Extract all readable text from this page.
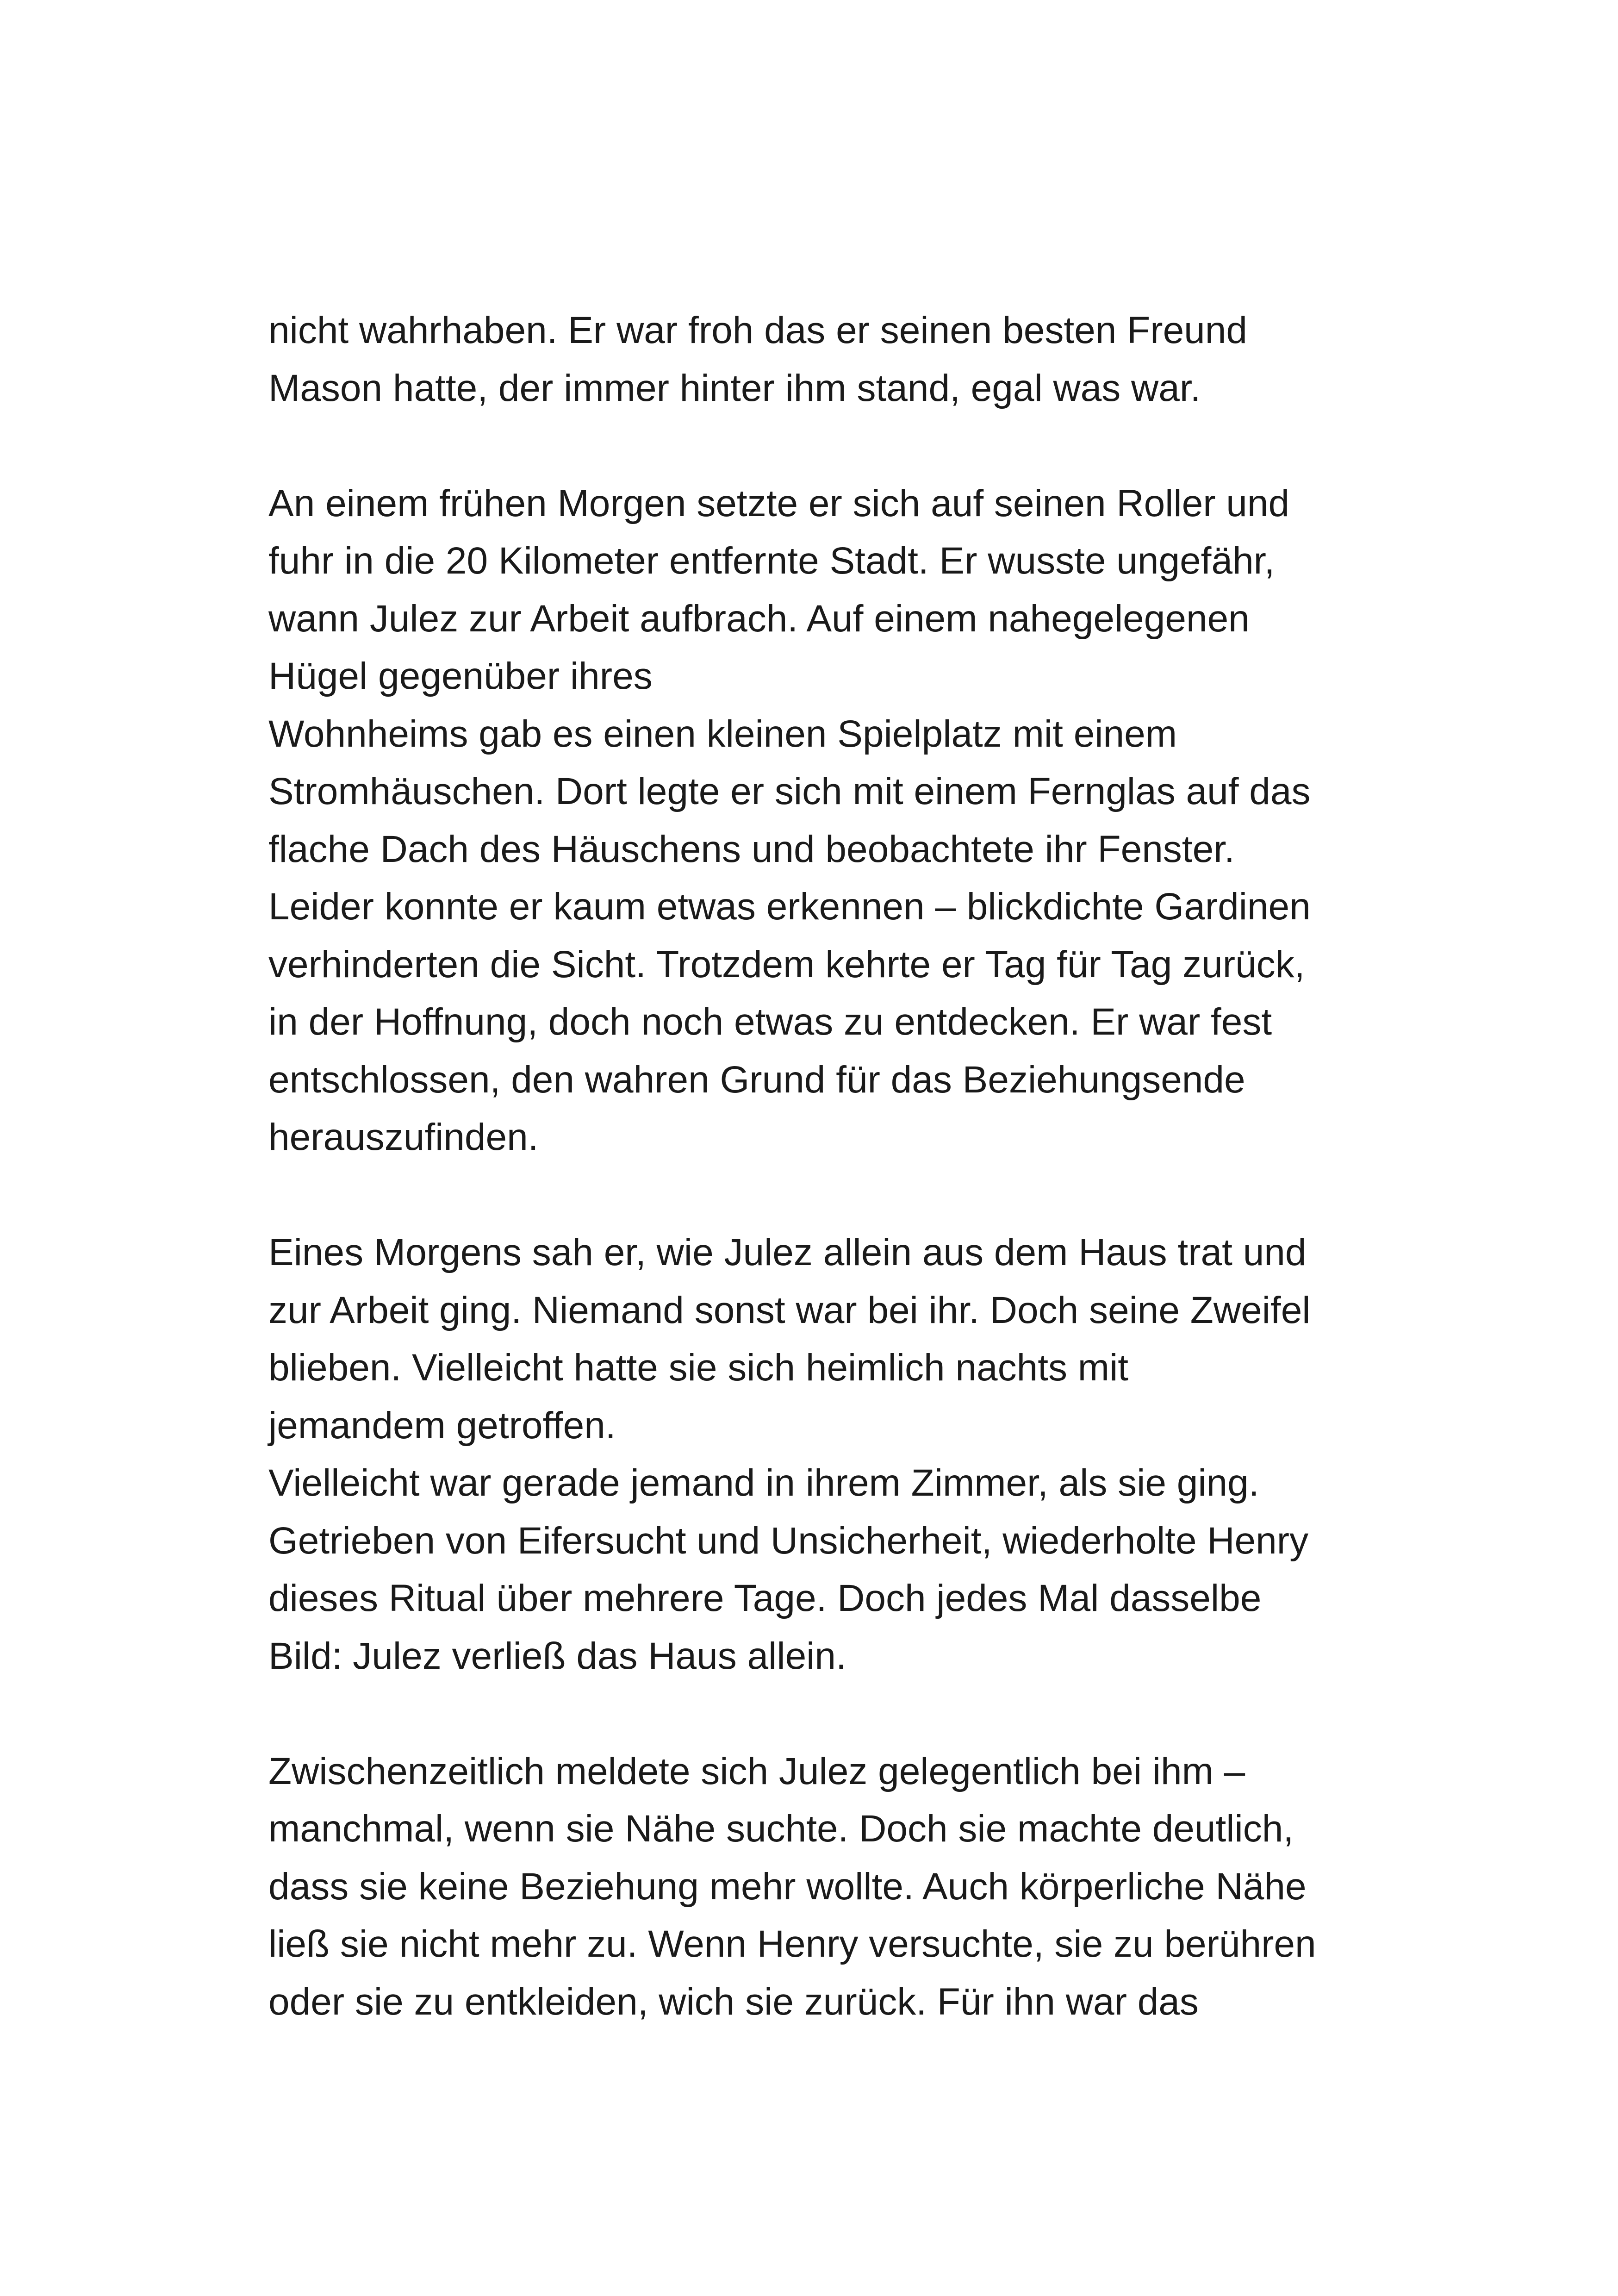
nicht wahrhaben. Er war froh das er seinen besten Freund
Mason hatte, der immer hinter ihm stand, egal was war.
An einem frühen Morgen setzte er sich auf seinen Roller und
fuhr in die 20 Kilometer entfernte Stadt. Er wusste ungefähr,
wann Julez zur Arbeit aufbrach. Auf einem nahegelegenen
Hügel gegenüber ihres
Wohnheims gab es einen kleinen Spielplatz mit einem
Stromhäuschen. Dort legte er sich mit einem Fernglas auf das
flache Dach des Häuschens und beobachtete ihr Fenster.
Leider konnte er kaum etwas erkennen – blickdichte Gardinen
verhinderten die Sicht. Trotzdem kehrte er Tag für Tag zurück,
in der Hoffnung, doch noch etwas zu entdecken. Er war fest
entschlossen, den wahren Grund für das Beziehungsende
herauszufinden.
Eines Morgens sah er, wie Julez allein aus dem Haus trat und
zur Arbeit ging. Niemand sonst war bei ihr. Doch seine Zweifel
blieben. Vielleicht hatte sie sich heimlich nachts mit
jemandem getroffen.
Vielleicht war gerade jemand in ihrem Zimmer, als sie ging.
Getrieben von Eifersucht und Unsicherheit, wiederholte Henry
dieses Ritual über mehrere Tage. Doch jedes Mal dasselbe
Bild: Julez verließ das Haus allein.
Zwischenzeitlich meldete sich Julez gelegentlich bei ihm –
manchmal, wenn sie Nähe suchte. Doch sie machte deutlich,
dass sie keine Beziehung mehr wollte. Auch körperliche Nähe
ließ sie nicht mehr zu. Wenn Henry versuchte, sie zu berühren
oder sie zu entkleiden, wich sie zurück. Für ihn war das
